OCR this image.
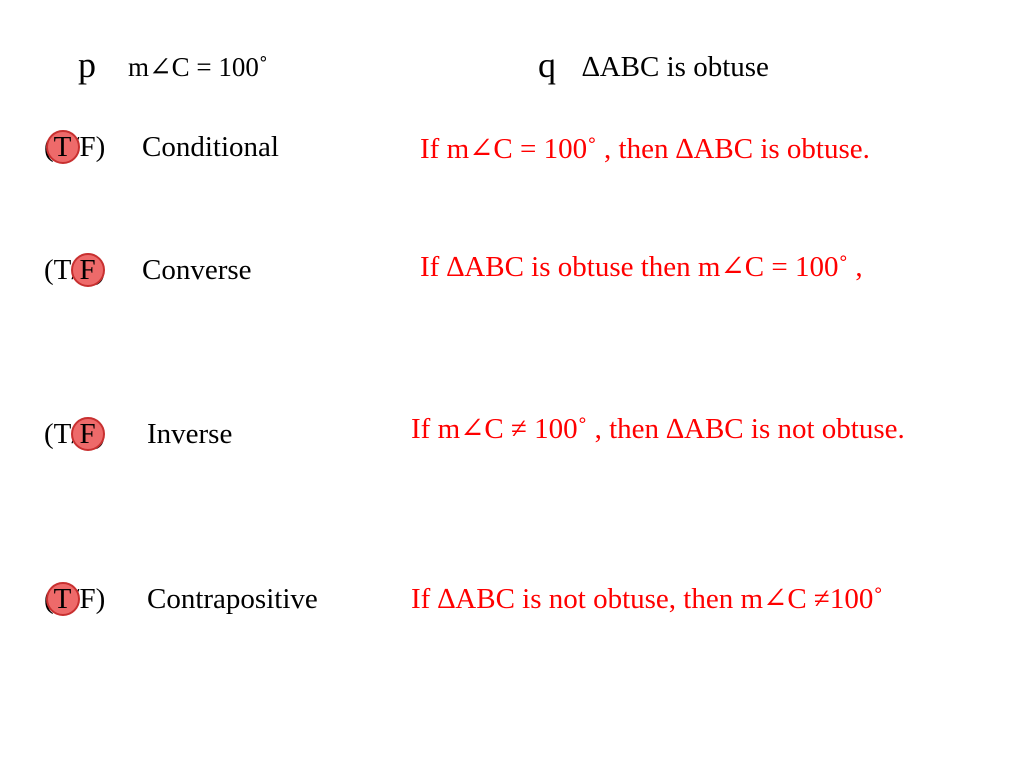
p m∠C = 100˚	q ∆ABC is obtuse
T F) Conditional	If m∠C = 100˚ , then ∆ABC is obtuse.
(T F	Converse	If ∆ABC is obtuse then m∠C = 100˚ ,
(T F	Inverse	If m∠C ≠ 100˚ , then ∆ABC is not obtuse.
T F) Contrapositive	If ∆ABC is not obtuse, then m∠C ≠100˚
